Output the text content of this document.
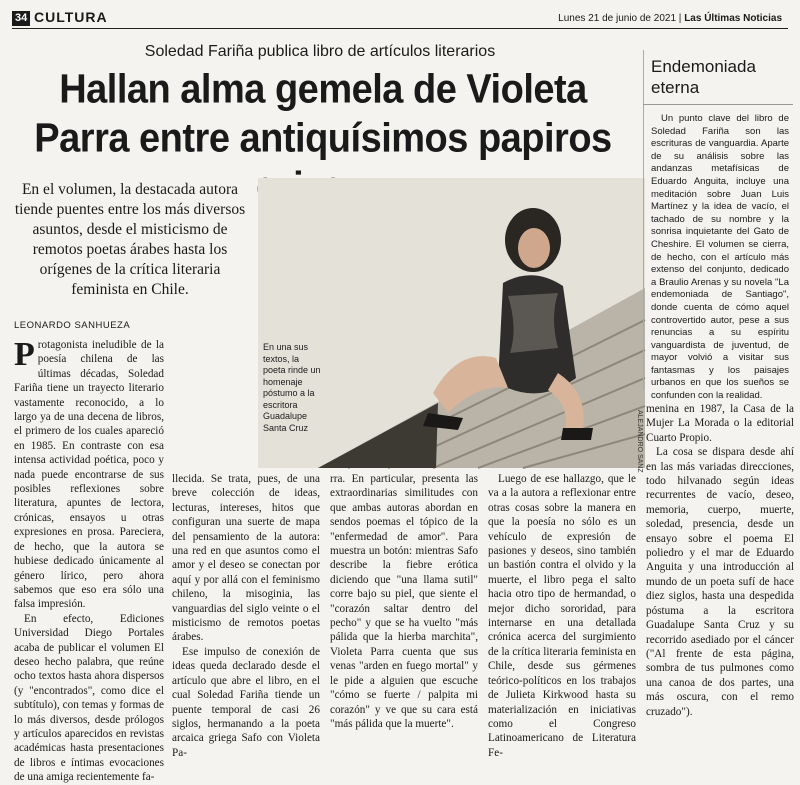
34 CULTURA	Lunes 21 de junio de 2021 | Las Últimas Noticias
Soledad Fariña publica libro de artículos literarios
Hallan alma gemela de Violeta Parra entre antiquísimos papiros
En el volumen, la destacada autora tiende puentes entre los más diversos asuntos, desde el misticismo de remotos poetas árabes hasta los orígenes de la crítica literaria feminista en Chile.
LEONARDO SANHUEZA
En una sus textos, la poeta rinde un homenaje póstumo a la escritora Guadalupe Santa Cruz	ALEJANDRO SANZ

Protagonista ineludible de la poesía chilena de las últimas décadas, Soledad Fariña tiene un trayecto literario vastamente reconocido, a lo largo ya de una decena de libros, el primero de los cuales apareció en 1985. En contraste con esa intensa actividad poética, poco y nada puede encontrarse de sus posibles reflexiones sobre literatura, apuntes de lectora, crónicas, ensayos u otras expresiones en prosa. Pareciera, de hecho, que la autora se hubiese dedicado únicamente al género lírico, pero ahora sabemos que eso era sólo una falsa impresión.

En efecto, Ediciones Universidad Diego Portales acaba de publicar el volumen El deseo hecho palabra, que reúne ocho textos hasta ahora dispersos (y "encontrados", como dice el subtítulo), con temas y formas de lo más diversos, desde prólogos y artículos aparecidos en revistas académicas hasta presentaciones de libros e íntimas evocaciones de una amiga recientemente fa-

llecida. Se trata, pues, de una breve colección de ideas, lecturas, intereses, hitos que configuran una suerte de mapa del pensamiento de la autora: una red en que asuntos como el amor y el deseo se conectan por aquí y por allá con el feminismo chileno, la misoginia, las vanguardias del siglo veinte o el misticismo de remotos poetas árabes.

Ese impulso de conexión de ideas queda declarado desde el artículo que abre el libro, en el cual Soledad Fariña tiende un puente temporal de casi 26 siglos, hermanando a la poeta arcaica griega Safo con Violeta Pa-

rra. En particular, presenta las extraordinarias similitudes con que ambas autoras abordan en sendos poemas el tópico de la "enfermedad de amor". Para muestra un botón: mientras Safo describe la fiebre erótica diciendo que "una llama sutil" corre bajo su piel, que siente el "corazón saltar dentro del pecho" y que se ha vuelto "más pálida que la hierba marchita", Violeta Parra cuenta que sus venas "arden en fuego mortal" y le pide a alguien que escuche "cómo se fuerte / palpita mi corazón" y ve que su cara está "más pálida que la muerte".

Luego de ese hallazgo, que le va a la autora a reflexionar entre otras cosas sobre la manera en que la poesía no sólo es un vehículo de expresión de pasiones y deseos, sino también un bastión contra el olvido y la muerte, el libro pega el salto hacia otro tipo de hermandad, o mejor dicho sororidad, para internarse en una detallada crónica acerca del surgimiento de la crítica literaria feminista en Chile, desde sus gérmenes teórico-políticos en los trabajos de Julieta Kirkwood hasta su materialización en iniciativas como el Congreso Latinoamericano de Literatura Fe-

menina en 1987, la Casa de la Mujer La Morada o la editorial Cuarto Propio.

La cosa se dispara desde ahí en las más variadas direcciones, todo hilvanado según ideas recurrentes de vacío, deseo, memoria, cuerpo, muerte, soledad, presencia, desde un ensayo sobre el poema El poliedro y el mar de Eduardo Anguita y una introducción al mundo de un poeta sufí de hace diez siglos, hasta una despedida póstuma a la escritora Guadalupe Santa Cruz y su recorrido asediado por el cáncer ("Al frente de esta página, sombra de tus pulmones como una canoa de dos partes, una más oscura, con el remo cruzado").

Endemoniada eterna

Un punto clave del libro de Soledad Fariña son las escrituras de vanguardia. Aparte de su análisis sobre las andanzas metafísicas de Eduardo Anguita, incluye una meditación sobre Juan Luis Martínez y la idea de vacío, el tachado de su nombre y la sonrisa inquietante del Gato de Cheshire. El volumen se cierra, de hecho, con el artículo más extenso del conjunto, dedicado a Braulio Arenas y su novela "La endemoniada de Santiago", donde cuenta de cómo aquel controvertido autor, pese a sus renuncias a su espíritu vanguardista de juventud, de mayor volvió a visitar sus fantasmas y los paisajes urbanos en que los sueños se confunden con la realidad.
